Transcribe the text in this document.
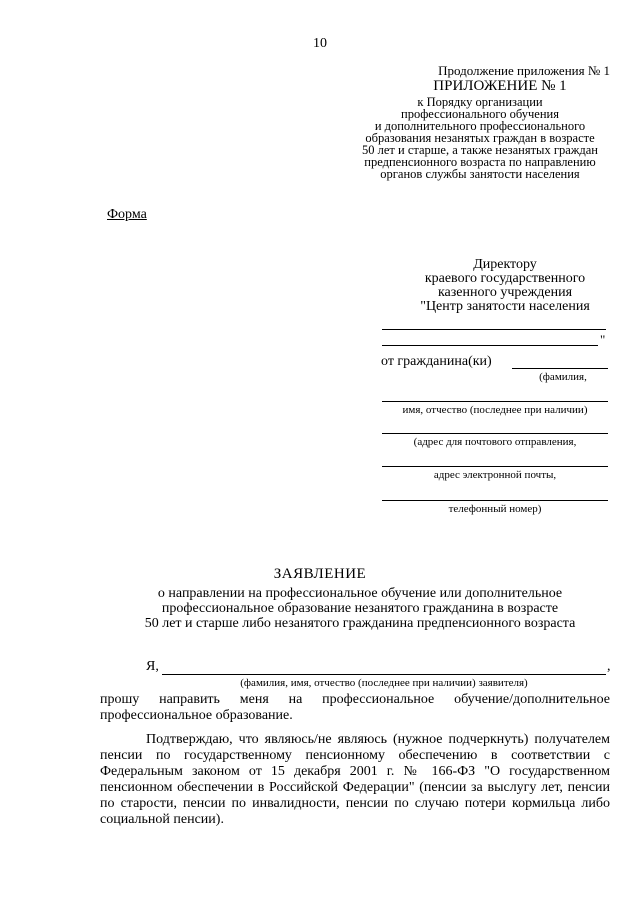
10
Продолжение приложения № 1
ПРИЛОЖЕНИЕ № 1
к Порядку организации
профессионального обучения
и дополнительного профессионального
образования незанятых граждан в возрасте
50 лет и старше, а также незанятых граждан
предпенсионного возраста по направлению
органов службы занятости населения
Форма
Директору
краевого государственного
казенного учреждения
"Центр занятости населения
"
от гражданина(ки)
(фамилия,
имя, отчество (последнее при наличии)
(адрес для почтового отправления,
адрес электронной почты,
телефонный номер)
ЗАЯВЛЕНИЕ
о направлении на профессиональное обучение или дополнительное
профессиональное образование незанятого гражданина в возрасте
50 лет и старше либо незанятого гражданина предпенсионного возраста
Я,	,
(фамилия, имя, отчество (последнее при наличии) заявителя)
прошу направить меня на профессиональное обучение/дополнительное профессиональное образование.
Подтверждаю, что являюсь/не являюсь (нужное подчеркнуть) получателем пенсии по государственному пенсионному обеспечению в соответствии с Федеральным законом от 15 декабря 2001 г. № 166-ФЗ "О государственном пенсионном обеспечении в Российской Федерации" (пенсии за выслугу лет, пенсии по старости, пенсии по инвалидности, пенсии по случаю потери кормильца либо социальной пенсии).
